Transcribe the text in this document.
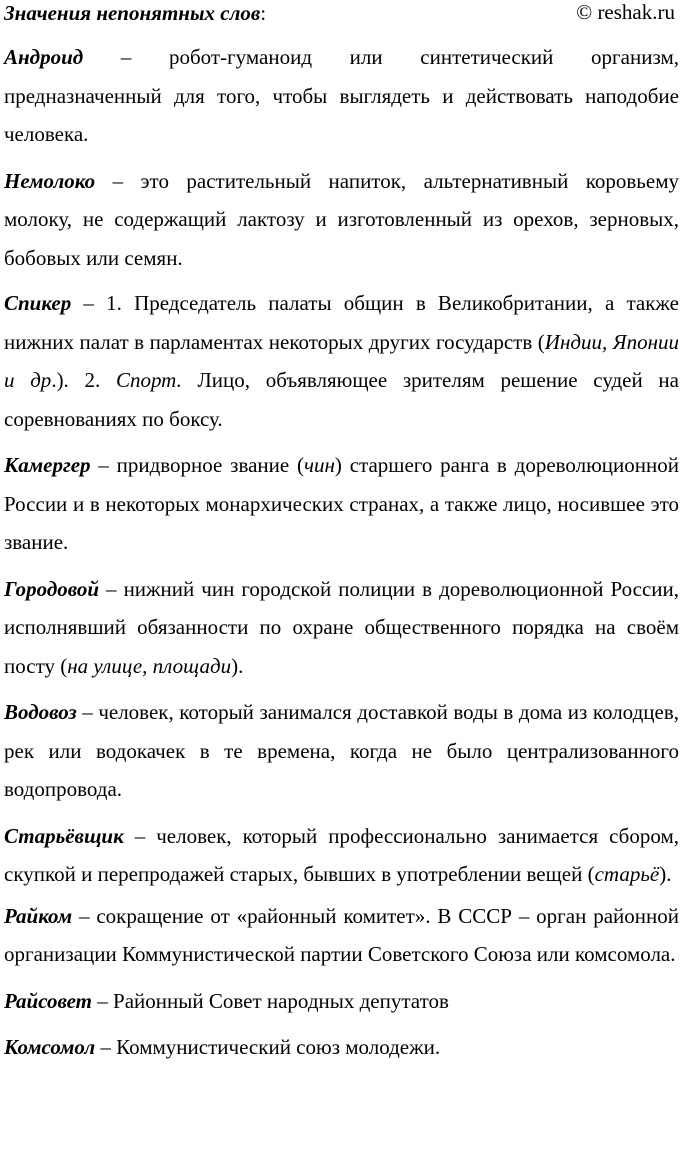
Значения непонятных слов:	© reshak.ru

Андроид – робот-гуманоид или синтетический организм, предназначенный для того, чтобы выглядеть и действовать наподобие человека.

Немолоко – это растительный напиток, альтернативный коровьему молоку, не содержащий лактозу и изготовленный из орехов, зерновых, бобовых или семян.

Спикер – 1. Председатель палаты общин в Великобритании, а также нижних палат в парламентах некоторых других государств (Индии, Японии и др.). 2. Спорт. Лицо, объявляющее зрителям решение судей на соревнованиях по боксу.

Камергер – придворное звание (чин) старшего ранга в дореволюционной России и в некоторых монархических странах, а также лицо, носившее это звание.

Городовой – нижний чин городской полиции в дореволюционной России, исполнявший обязанности по охране общественного порядка на своём посту (на улице, площади).

Водовоз – человек, который занимался доставкой воды в дома из колодцев, рек или водокачек в те времена, когда не было централизованного водопровода.

Старьёвщик – человек, который профессионально занимается сбором, скупкой и перепродажей старых, бывших в употреблении вещей (старьё).

Райком – сокращение от «районный комитет». В СССР – орган районной организации Коммунистической партии Советского Союза или комсомола.

Райсовет – Районный Совет народных депутатов

Комсомол – Коммунистический союз молодежи.
